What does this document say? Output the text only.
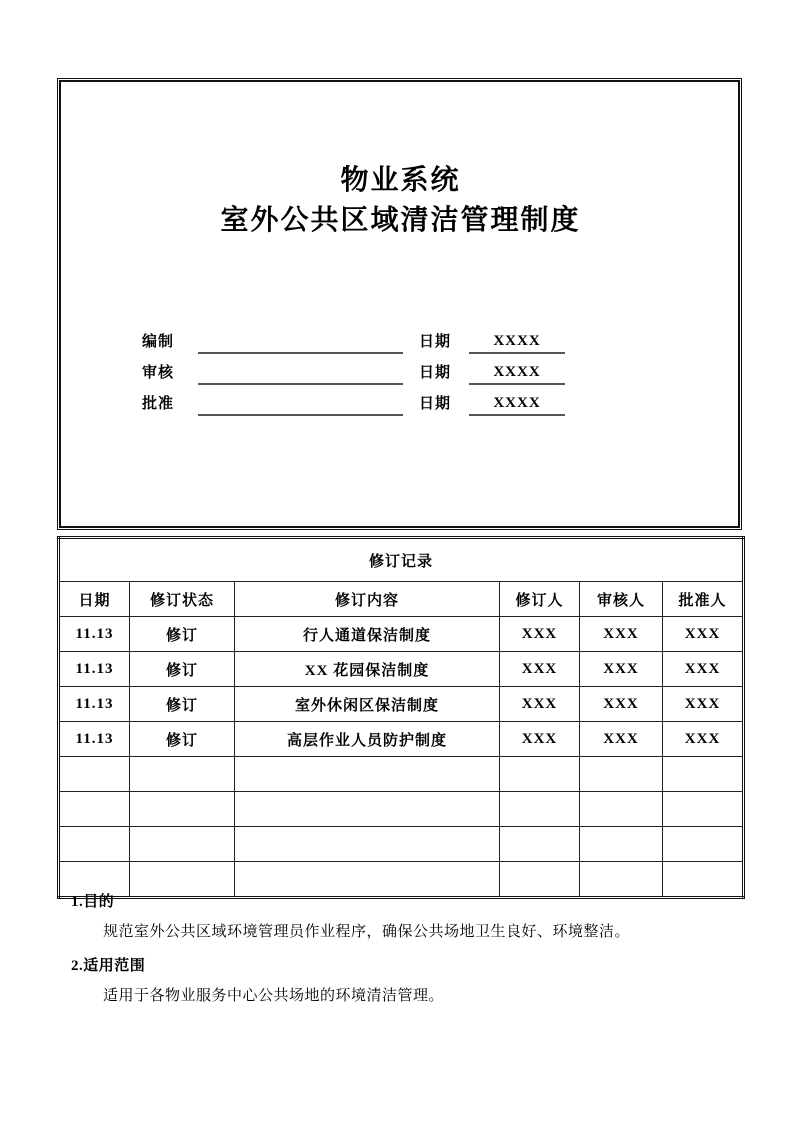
物业系统
室外公共区域清洁管理制度
编制	日期	XXXX
审核	日期	XXXX
批准	日期	XXXX
修订记录					
日期	修订状态	修订内容	修订人	审核人	批准人
11.13	修订	行人通道保洁制度	XXX	XXX	XXX
11.13	修订	XX 花园保洁制度	XXX	XXX	XXX
11.13	修订	室外休闲区保洁制度	XXX	XXX	XXX
11.13	修订	高层作业人员防护制度	XXX	XXX	XXX

1.目的
规范室外公共区域环境管理员作业程序，确保公共场地卫生良好、环境整洁。
2.适用范围
适用于各物业服务中心公共场地的环境清洁管理。
